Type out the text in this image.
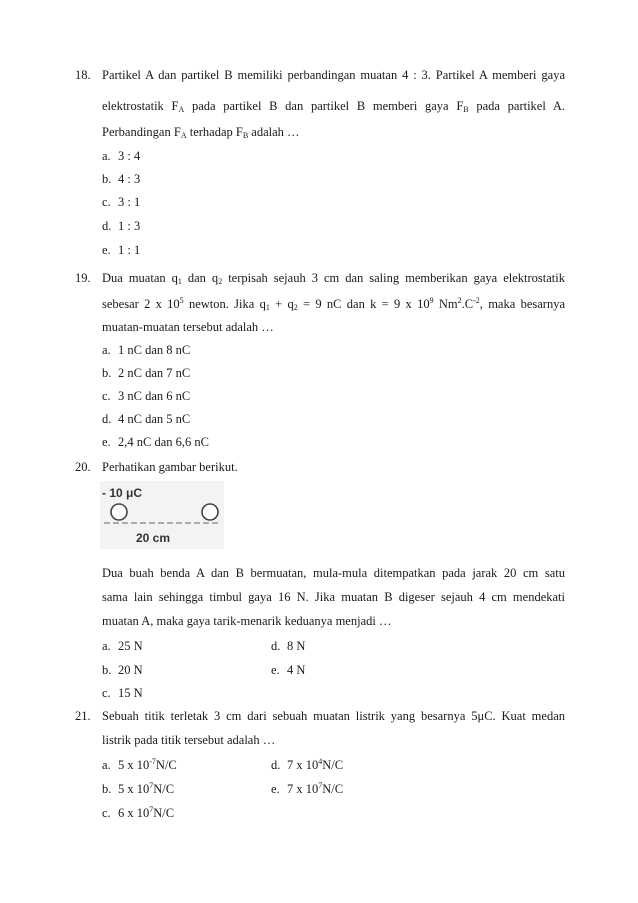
18. Partikel A dan partikel B memiliki perbandingan muatan 4 : 3. Partikel A memberi gaya
elektrostatik $F_A$ pada partikel B dan partikel B memberi gaya $F_B$ pada partikel A.
Perbandingan $F_A$ terhadap $F_B$ adalah …
a. 3 : 4
b. 4 : 3
c. 3 : 1
d. 1 : 3
e. 1 : 1
19. Dua muatan $q_1$ dan $q_2$ terpisah sejauh 3 cm dan saling memberikan gaya elektrostatik
sebesar 2 x $10^5$ newton. Jika $q_1 + q_2 = 9$ nC dan k = 9 x $10^9$ $Nm^2.C^{-2}$, maka besarnya
muatan-muatan tersebut adalah …
a. 1 nC dan 8 nC
b. 2 nC dan 7 nC
c. 3 nC dan 6 nC
d. 4 nC dan 5 nC
e. 2,4 nC dan 6,6 nC
20. Perhatikan gambar berikut.
- 10 μC
20 cm
Dua buah benda A dan B bermuatan, mula-mula ditempatkan pada jarak 20 cm satu
sama lain sehingga timbul gaya 16 N. Jika muatan B digeser sejauh 4 cm mendekati
muatan A, maka gaya tarik-menarik keduanya menjadi …
a. 25 N
b. 20 N
c. 15 N
d. 8 N
e. 4 N
21. Sebuah titik terletak 3 cm dari sebuah muatan listrik yang besarnya 5μC. Kuat medan
listrik pada titik tersebut adalah …
a. 5 x $10^{-7}N/C$
b. 5 x $10^7N/C$
c. 6 x $10^7N/C$
d. 7 x $10^4N/C$
e. 7 x $10^7N/C$
